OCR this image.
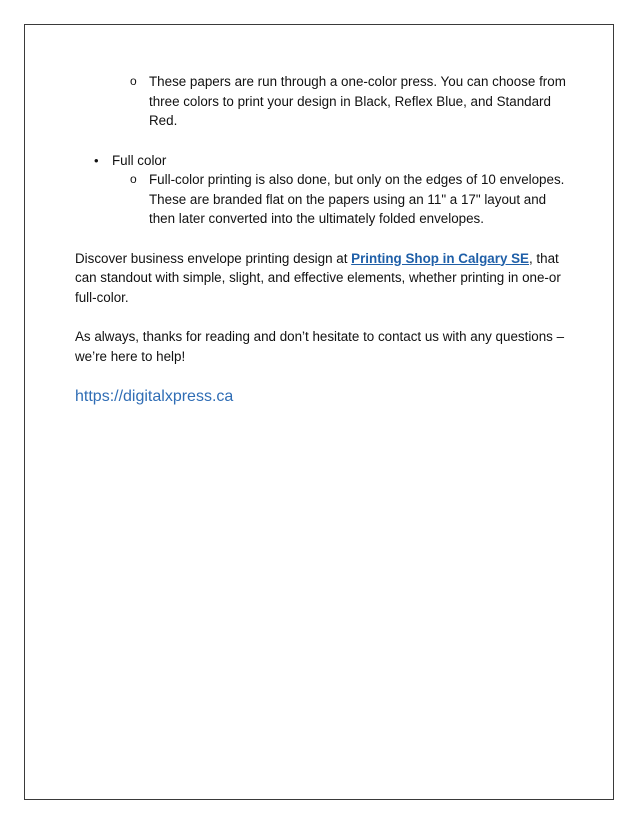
o These papers are run through a one-color press. You can choose from three colors to print your design in Black, Reflex Blue, and Standard Red.
• Full color
o Full-color printing is also done, but only on the edges of 10 envelopes. These are branded flat on the papers using an 11" a 17" layout and then later converted into the ultimately folded envelopes.

Discover business envelope printing design at Printing Shop in Calgary SE, that can standout with simple, slight, and effective elements, whether printing in one-or full-color.

As always, thanks for reading and don’t hesitate to contact us with any questions – we’re here to help!

https://digitalxpress.ca
